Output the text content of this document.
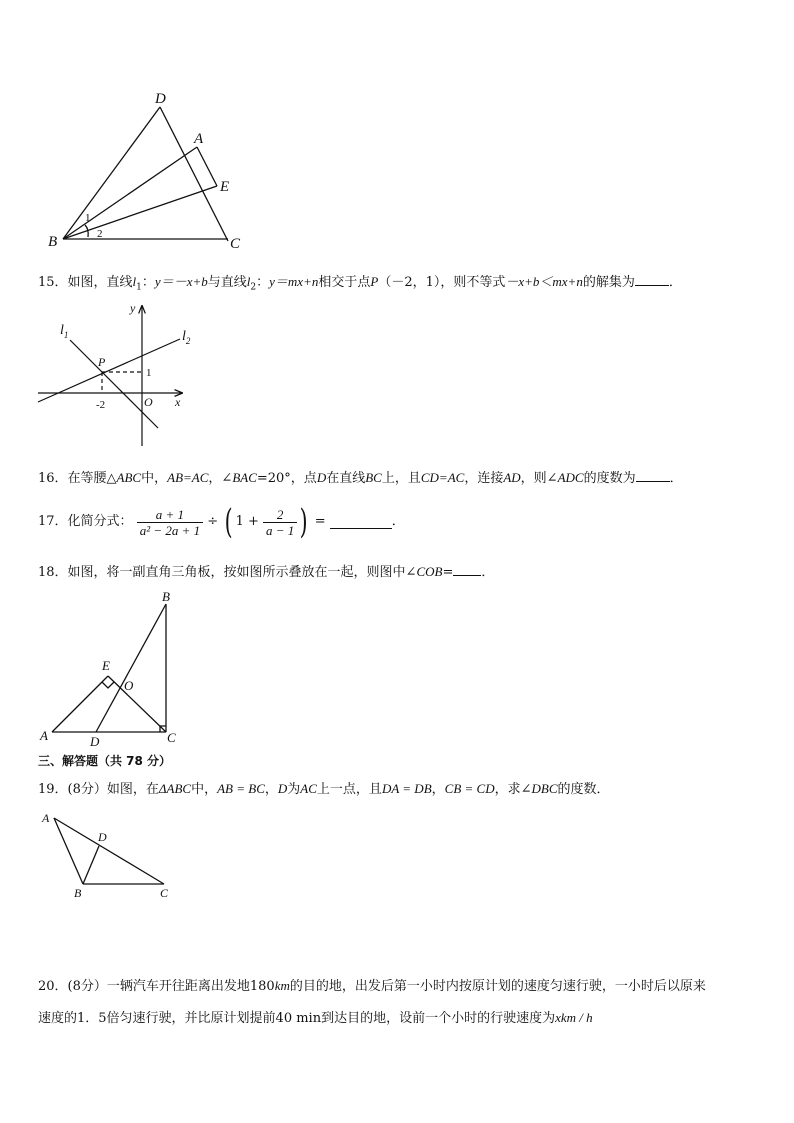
D
A
E
B	C
1
2
15．如图，直线$l_1$：y＝－x+b与直线$l_2$：y＝mx+n相交于点P（－2，1），则不等式－x+b＜mx+n的解集为	．
$l_1$	$l_2$
y
x
P
1
-2	O
16．在等腰△ABC中，AB=AC，∠BAC=20°，点D在直线BC上，且CD=AC，连接AD，则∠ADC的度数为	．
17．化简分式： $\frac{a + 1}{\text{a² − 2a + 1}}$ ÷ ( $1 + \frac{2}{a - 1}$ ) =	．
18．如图，将一副直角三角板，按如图所示叠放在一起，则图中∠COB= ．
B
E
O
A	D	C
三、解答题（共 78 分）
19．(8分）如图，在ΔABC中，AB = BC，D为AC上一点，且DA = DB，CB = CD，求∠DBC的度数．
A
D
B	C
20．(8分）一辆汽车开往距离出发地180km的目的地，出发后第一小时内按原计划的速度匀速行驶，一小时后以原来
速度的1．5倍匀速行驶，并比原计划提前40 min到达目的地，设前一个小时的行驶速度为xkm / h
